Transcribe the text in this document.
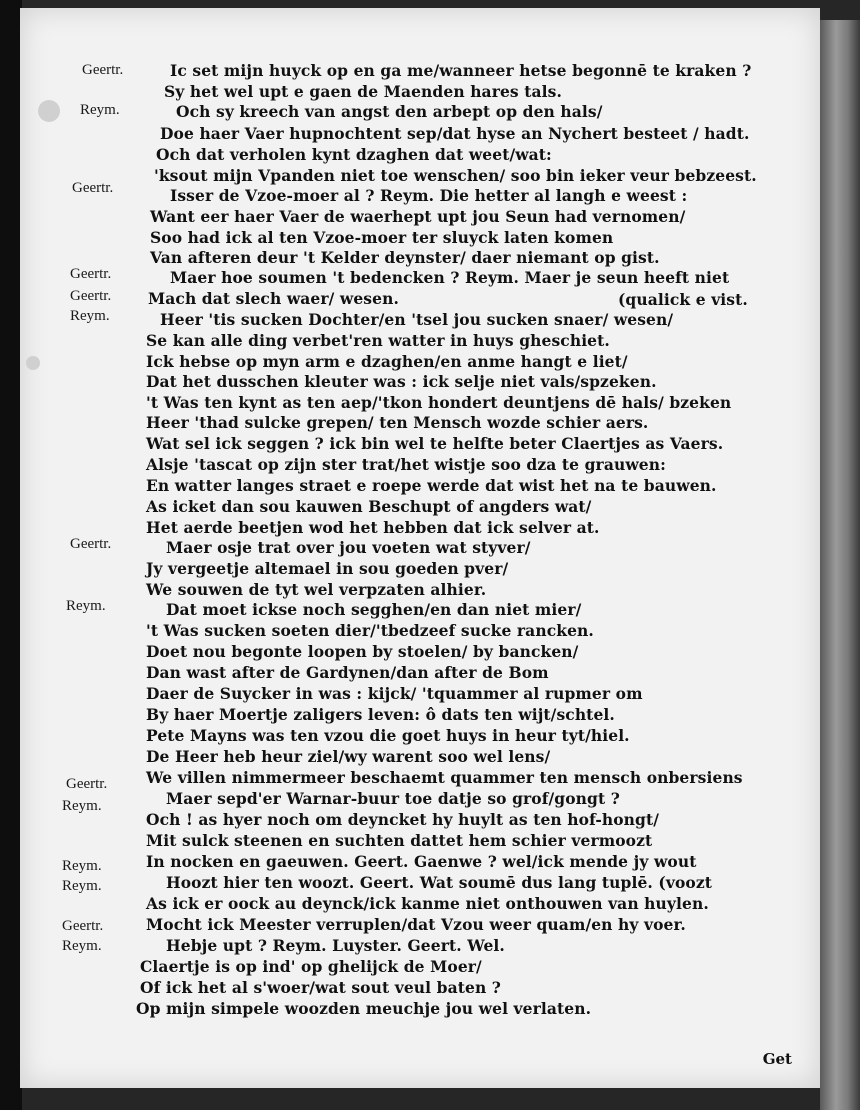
Geertr.
Reym.
Geertr.
Geertr.
Geertr.
Reym.
Geertr.
Reym.
Geertr.
Reym.
Reym.
Reym.
Geertr.
Reym.
Ic set mijn huyck op en ga me/wanneer hetse begonnē te kraken ?
Sy het wel upt e gaen de Maenden hares tals.
Och sy kreech van angst den arbept op den hals/
Doe haer Vaer hupnochtent sep/dat hyse an Nychert besteet / hadt.
Och dat verholen kynt dzaghen dat weet/wat:
'ksout mijn Vpanden niet toe wenschen/ soo bin ieker veur bebzeest.
Isser de Vzoe-moer al ? Reym. Die hetter al langh e weest :
Want eer haer Vaer de waerhept upt jou Seun had vernomen/
Soo had ick al ten Vzoe-moer ter sluyck laten komen
Van afteren deur 't Kelder deynster/ daer niemant op gist.
Maer hoe soumen 't bedencken ? Reym. Maer je seun heeft niet
Mach dat slech waer/ wesen.	(qualick e vist.
Heer 'tis sucken Dochter/en 'tsel jou sucken snaer/ wesen/
Se kan alle ding verbet'ren watter in huys gheschiet.
Ick hebse op myn arm e dzaghen/en anme hangt e liet/
Dat het dusschen kleuter was : ick selje niet vals/spzeken.
't Was ten kynt as ten aep/'tkon hondert deuntjens dē hals/ bzeken
Heer 'thad sulcke grepen/ ten Mensch wozde schier aers.
Wat sel ick seggen ? ick bin wel te helfte beter Claertjes as Vaers.
Alsje 'tascat op zijn ster trat/het wistje soo dza te grauwen:
En watter langes straet e roepe werde dat wist het na te bauwen.
As icket dan sou kauwen Beschupt of angders wat/
Het aerde beetjen wod het hebben dat ick selver at.
Maer osje trat over jou voeten wat styver/
Jy vergeetje altemael in sou goeden pver/
We souwen de tyt wel verpzaten alhier.
Dat moet ickse noch segghen/en dan niet mier/
't Was sucken soeten dier/'tbedzeef sucke rancken.
Doet nou begonte loopen by stoelen/ by bancken/
Dan wast after de Gardynen/dan after de Bom
Daer de Suycker in was : kijck/ 'tquammer al rupmer om
By haer Moertje zaligers leven: ô dats ten wijt/schtel.
Pete Mayns was ten vzou die goet huys in heur tyt/hiel.
De Heer heb heur ziel/wy warent soo wel lens/
We villen nimmermeer beschaemt quammer ten mensch onbersiens
Maer sepd'er Warnar-buur toe datje so grof/gongt ?
Och ! as hyer noch om deyncket hy huylt as ten hof-hongt/
Mit sulck steenen en suchten dattet hem schier vermoozt
In nocken en gaeuwen. Geert. Gaenwe ? wel/ick mende jy wout
Hoozt hier ten woozt. Geert. Wat soumē dus lang tuplē. (voozt
As ick er oock au deynck/ick kanme niet onthouwen van huylen.
Mocht ick Meester verruplen/dat Vzou weer quam/en hy voer.
Hebje upt ? Reym. Luyster. Geert. Wel.
Claertje is op ind' op ghelijck de Moer/
Of ick het al s'woer/wat sout veul baten ?
Op mijn simpele woozden meuchje jou wel verlaten.
Get
